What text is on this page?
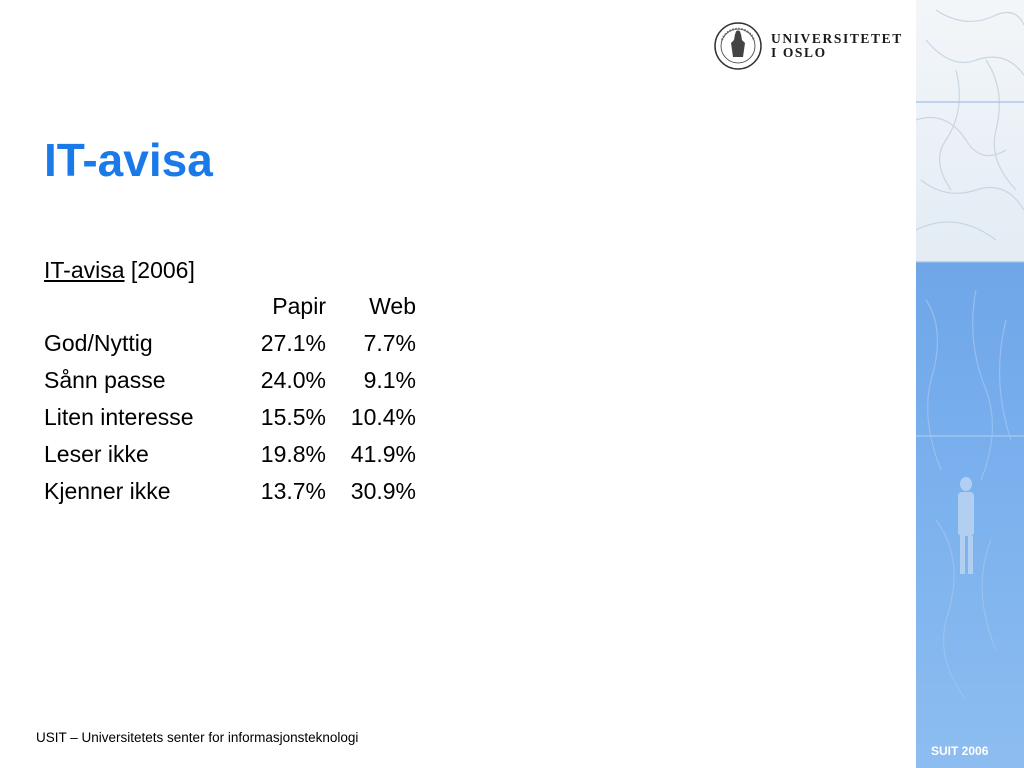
UNIVERSITETET
I OSLO
IT-avisa
IT-avisa [2006]
	Papir	Web
God/Nyttig	27.1%	7.7%
Sånn passe	24.0%	9.1%
Liten interesse	15.5%	10.4%
Leser ikke	19.8%	41.9%
Kjenner ikke	13.7%	30.9%
USIT – Universitetets senter for informasjonsteknologi
SUIT 2006
